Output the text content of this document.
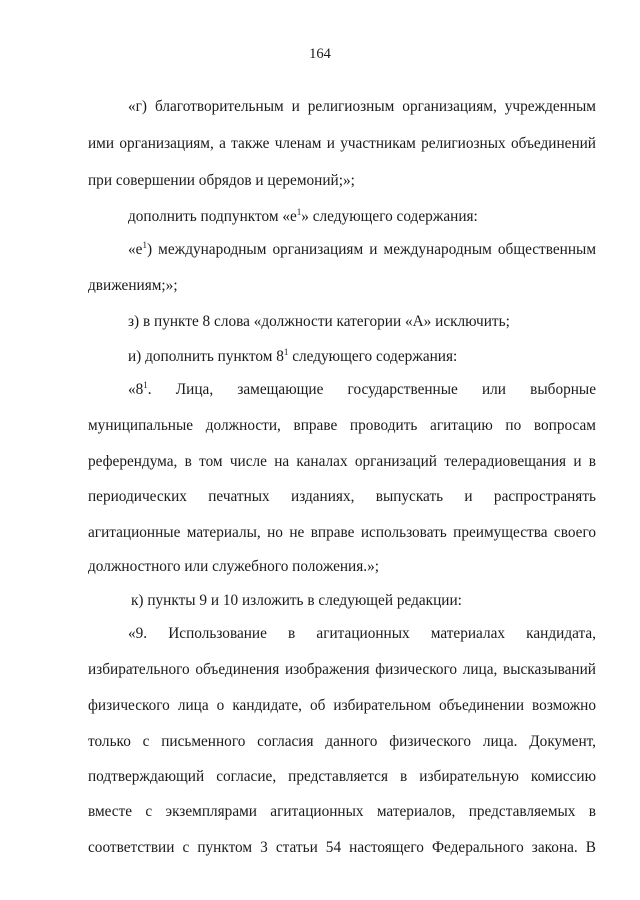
164
«г) благотворительным и религиозным организациям, учрежденным
ими организациям, а также членам и участникам религиозных объединений
при совершении обрядов и церемоний;»;
дополнить подпунктом «$е^1$» следующего содержания:
«$е^1$) международным организациям и международным общественным
движениям;»;
з) в пункте 8 слова «должности категории «А» исключить;
и) дополнить пунктом $8^1$ следующего содержания:
«$8^1$. Лица, замещающие государственные или выборные
муниципальные должности, вправе проводить агитацию по вопросам
референдума, в том числе на каналах организаций телерадиовещания и в
периодических печатных изданиях, выпускать и распространять
агитационные материалы, но не вправе использовать преимущества своего
должностного или служебного положения.»;
к) пункты 9 и 10 изложить в следующей редакции:
«9. Использование в агитационных материалах кандидата,
избирательного объединения изображения физического лица, высказываний
физического лица о кандидате, об избирательном объединении возможно
только с письменного согласия данного физического лица. Документ,
подтверждающий согласие, представляется в избирательную комиссию
вместе с экземплярами агитационных материалов, представляемых в
соответствии с пунктом 3 статьи 54 настоящего Федерального закона. В
